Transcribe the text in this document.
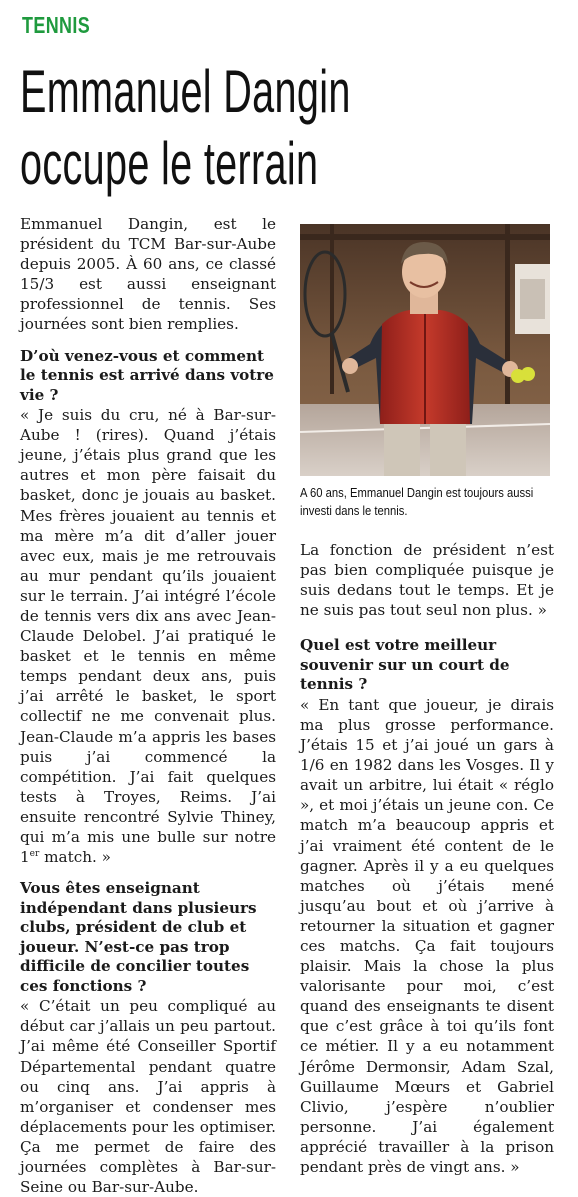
TENNIS
Emmanuel Dangin
occupe le terrain

Emmanuel Dangin, est le président du TCM Bar-sur-Aube depuis 2005. À 60 ans, ce classé 15/3 est aussi enseignant professionnel de tennis. Ses journées sont bien remplies.

D’où venez-vous et comment le tennis est arrivé dans votre vie ?

« Je suis du cru, né à Bar-sur-Aube ! (rires). Quand j’étais jeune, j’étais plus grand que les autres et mon père faisait du basket, donc je jouais au basket. Mes frères jouaient au tennis et ma mère m’a dit d’aller jouer avec eux, mais je me retrouvais au mur pendant qu’ils jouaient sur le terrain. J’ai intégré l’école de tennis vers dix ans avec Jean-Claude Delobel. J’ai pratiqué le basket et le tennis en même temps pendant deux ans, puis j’ai arrêté le basket, le sport collectif ne me convenait plus. Jean-Claude m’a appris les bases puis j’ai commencé la compétition. J’ai fait quelques tests à Troyes, Reims. J’ai ensuite rencontré Sylvie Thiney, qui m’a mis une bulle sur notre 1er match. »

Vous êtes enseignant indépendant dans plusieurs clubs, président de club et joueur. N’est-ce pas trop difficile de concilier toutes ces fonctions ?

« C’était un peu compliqué au début car j’allais un peu partout. J’ai même été Conseiller Sportif Départemental pendant quatre ou cinq ans. J’ai appris à m’organiser et condenser mes déplacements pour les optimiser. Ça me permet de faire des journées complètes à Bar-sur-Seine ou Bar-sur-Aube.

A 60 ans, Emmanuel Dangin est toujours aussi investi dans le tennis.

La fonction de président n’est pas bien compliquée puisque je suis dedans tout le temps. Et je ne suis pas tout seul non plus. »

Quel est votre meilleur souvenir sur un court de tennis ?

« En tant que joueur, je dirais ma plus grosse performance. J’étais 15 et j’ai joué un gars à 1/6 en 1982 dans les Vosges. Il y avait un arbitre, lui était « réglo », et moi j’étais un jeune con. Ce match m’a beaucoup appris et j’ai vraiment été content de le gagner. Après il y a eu quelques matches où j’étais mené jusqu’au bout et où j’arrive à retourner la situation et gagner ces matchs. Ça fait toujours plaisir. Mais la chose la plus valorisante pour moi, c’est quand des enseignants te disent que c’est grâce à toi qu’ils font ce métier. Il y a eu notamment Jérôme Dermonsir, Adam Szal, Guillaume Mœurs et Gabriel Clivio, j’espère n’oublier personne. J’ai également apprécié travailler à la prison pendant près de vingt ans. »
